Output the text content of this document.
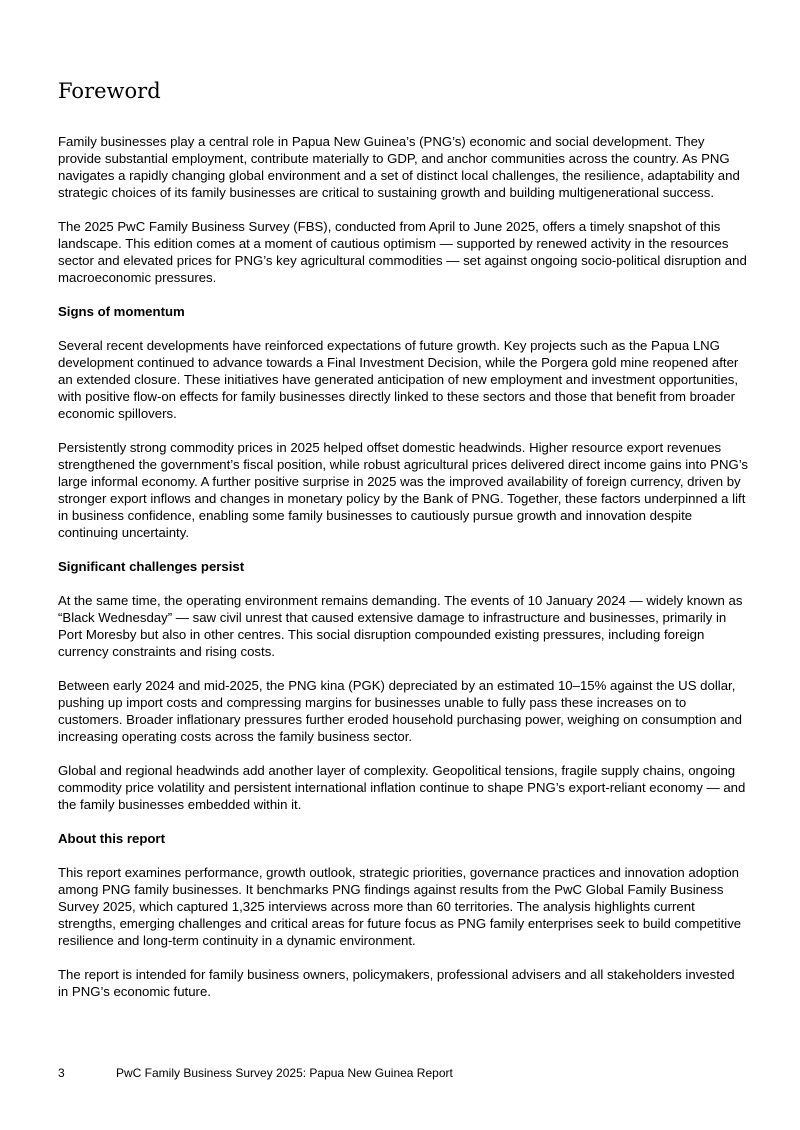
Foreword

Family businesses play a central role in Papua New Guinea’s (PNG’s) economic and social development. They provide substantial employment, contribute materially to GDP, and anchor communities across the country. As PNG navigates a rapidly changing global environment and a set of distinct local challenges, the resilience, adaptability and strategic choices of its family businesses are critical to sustaining growth and building multigenerational success.

The 2025 PwC Family Business Survey (FBS), conducted from April to June 2025, offers a timely snapshot of this landscape. This edition comes at a moment of cautious optimism — supported by renewed activity in the resources sector and elevated prices for PNG’s key agricultural commodities — set against ongoing socio-political disruption and macroeconomic pressures.

Signs of momentum

Several recent developments have reinforced expectations of future growth. Key projects such as the Papua LNG development continued to advance towards a Final Investment Decision, while the Porgera gold mine reopened after an extended closure. These initiatives have generated anticipation of new employment and investment opportunities, with positive flow-on effects for family businesses directly linked to these sectors and those that benefit from broader economic spillovers.

Persistently strong commodity prices in 2025 helped offset domestic headwinds. Higher resource export revenues strengthened the government’s fiscal position, while robust agricultural prices delivered direct income gains into PNG’s large informal economy. A further positive surprise in 2025 was the improved availability of foreign currency, driven by stronger export inflows and changes in monetary policy by the Bank of PNG. Together, these factors underpinned a lift in business confidence, enabling some family businesses to cautiously pursue growth and innovation despite continuing uncertainty.

Significant challenges persist

At the same time, the operating environment remains demanding. The events of 10 January 2024 — widely known as “Black Wednesday” — saw civil unrest that caused extensive damage to infrastructure and businesses, primarily in Port Moresby but also in other centres. This social disruption compounded existing pressures, including foreign currency constraints and rising costs.

Between early 2024 and mid-2025, the PNG kina (PGK) depreciated by an estimated 10–15% against the US dollar, pushing up import costs and compressing margins for businesses unable to fully pass these increases on to customers. Broader inflationary pressures further eroded household purchasing power, weighing on consumption and increasing operating costs across the family business sector.

Global and regional headwinds add another layer of complexity. Geopolitical tensions, fragile supply chains, ongoing commodity price volatility and persistent international inflation continue to shape PNG’s export-reliant economy — and the family businesses embedded within it.

About this report

This report examines performance, growth outlook, strategic priorities, governance practices and innovation adoption among PNG family businesses. It benchmarks PNG findings against results from the PwC Global Family Business Survey 2025, which captured 1,325 interviews across more than 60 territories. The analysis highlights current strengths, emerging challenges and critical areas for future focus as PNG family enterprises seek to build competitive resilience and long-term continuity in a dynamic environment.

The report is intended for family business owners, policymakers, professional advisers and all stakeholders invested in PNG’s economic future.

3	PwC Family Business Survey 2025: Papua New Guinea Report
